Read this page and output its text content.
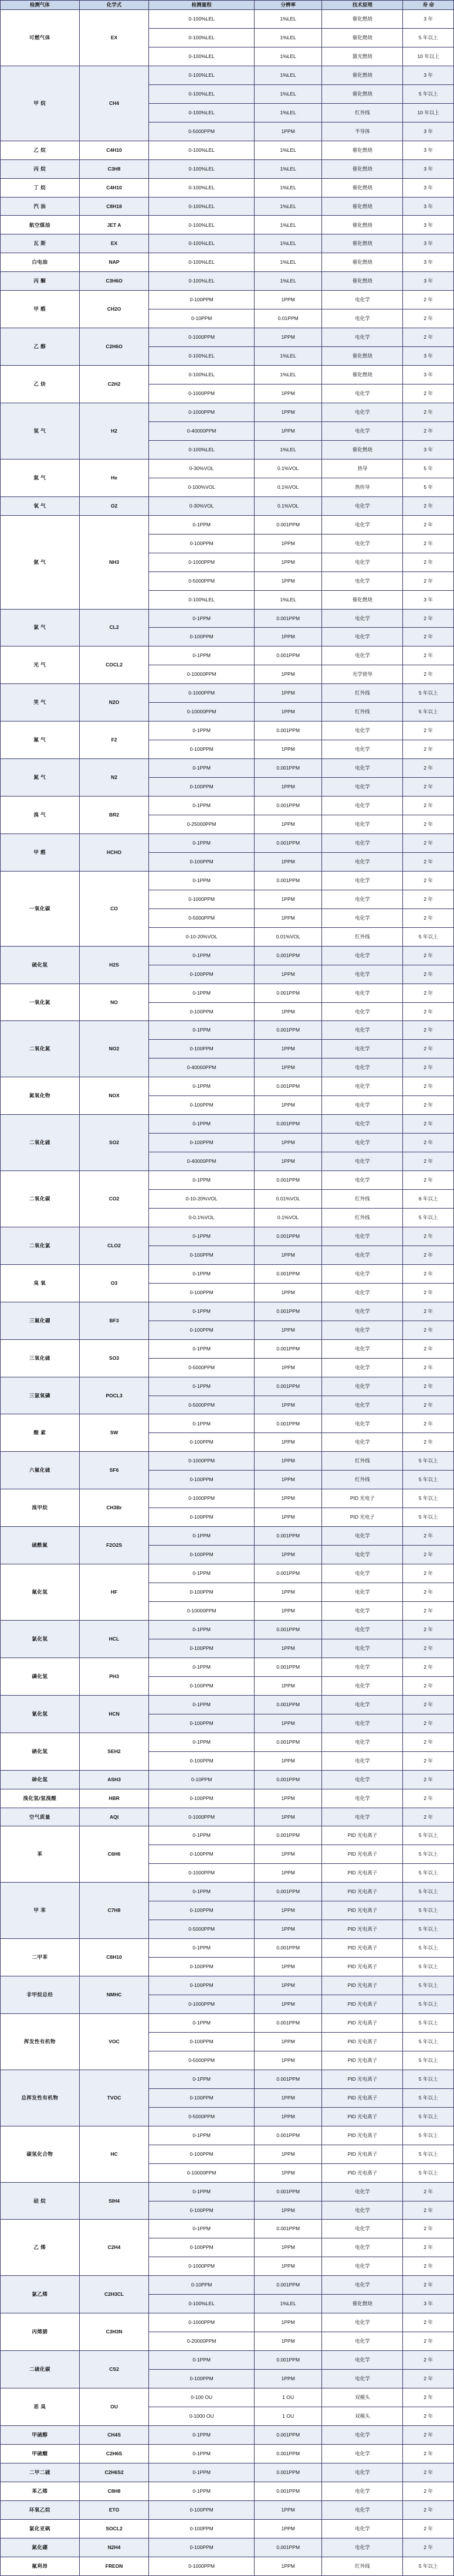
检测气体	化学式	检测量程	分辨率	技术原理	寿 命
可燃气体	EX	0-100%LEL	1%LEL	催化燃烧	3 年
		0-100%LEL	1%LEL	催化燃烧	5 年以上
		0-100%LEL	1%LEL	激光燃烧	10 年以上
甲 烷	CH4	0-100%LEL	1%LEL	催化燃烧	3 年
		0-100%LEL	1%LEL	催化燃烧	5 年以上
		0-100%LEL	1%LEL	红外线	10 年以上
		0-5000PPM	1PPM	半导体	3 年
乙 烷	C4H10	0-100%LEL	1%LEL	催化燃烧	3 年
丙 烷	C3H8	0-100%LEL	1%LEL	催化燃烧	3 年
丁 烷	C4H10	0-100%LEL	1%LEL	催化燃烧	3 年
汽 油	C8H18	0-100%LEL	1%LEL	催化燃烧	3 年
航空煤油	JET A	0-100%LEL	1%LEL	催化燃烧	3 年
瓦 斯	EX	0-100%LEL	1%LEL	催化燃烧	3 年
白电油	NAP	0-100%LEL	1%LEL	催化燃烧	3 年
丙 酮	C3H6O	0-100%LEL	1%LEL	催化燃烧	3 年
甲 醛	CH2O	0-100PPM	1PPM	电化学	2 年
		0-10PPM	0.01PPM	电化学	2 年
乙 醇	C2H6O	0-1000PPM	1PPM	电化学	2 年
		0-100%LEL	1%LEL	催化燃烧	3 年
乙 炔	C2H2	0-100%LEL	1%LEL	催化燃烧	3 年
		0-1000PPM	1PPM	电化学	2 年
氢 气	H2	0-1000PPM	1PPM	电化学	2 年
		0-40000PPM	1PPM	电化学	2 年
		0-100%LEL	1%LEL	催化燃烧	3 年
氦 气	He	0-30%VOL	0.1%VOL	热导	5 年
		0-100%VOL	0.1%VOL	热传导	5 年
氧 气	O2	0-30%VOL	0.1%VOL	电化学	2 年
氨 气	NH3	0-1PPM	0.001PPM	电化学	2 年
		0-100PPM	1PPM	电化学	2 年
		0-1000PPM	1PPM	电化学	2 年
		0-5000PPM	1PPM	电化学	2 年
		0-100%LEL	1%LEL	催化燃烧	3 年
氯 气	CL2	0-1PPM	0.001PPM	电化学	2 年
		0-100PPM	1PPM	电化学	2 年
光 气	COCL2	0-1PPM	0.001PPM	电化学	2 年
		0-10000PPM	1PPM	光学使导	2 年
笑 气	N2O	0-1000PPM	1PPM	红外线	5 年以上
		0-10000PPM	1PPM	红外线	5 年以上
氟 气	F2	0-1PPM	0.001PPM	电化学	2 年
		0-100PPM	1PPM	电化学	2 年
氮 气	N2	0-1PPM	0.001PPM	电化学	2 年
		0-100PPM	1PPM	电化学	2 年
溴 气	BR2	0-1PPM	0.001PPM	电化学	2 年
		0-25000PPM	1PPM	电化学	2 年
甲 醛	HCHO	0-1PPM	0.001PPM	电化学	2 年
		0-100PPM	1PPM	电化学	2 年
一氧化碳	CO	0-1PPM	0.001PPM	电化学	2 年
		0-1000PPM	1PPM	电化学	2 年
		0-5000PPM	1PPM	电化学	2 年
		0-10-20%VOL	0.01%VOL	红外线	5 年以上
硫化氢	H2S	0-1PPM	0.001PPM	电化学	2 年
		0-100PPM	1PPM	电化学	2 年
一氧化氮	NO	0-1PPM	0.001PPM	电化学	2 年
		0-100PPM	1PPM	电化学	2 年
二氧化氮	NO2	0-1PPM	0.001PPM	电化学	2 年
		0-100PPM	1PPM	电化学	2 年
		0-40000PPM	1PPM	电化学	2 年
氮氧化物	NOX	0-1PPM	0.001PPM	电化学	2 年
		0-100PPM	1PPM	电化学	2 年
二氧化硫	SO2	0-1PPM	0.001PPM	电化学	2 年
		0-100PPM	1PPM	电化学	2 年
		0-40000PPM	1PPM	电化学	2 年
二氧化碳	CO2	0-1PPM	0.001PPM	电化学	2 年
		0-10-20%VOL	0.01%VOL	红外线	6 年以上
		0-0.1%VOL	0.1%VOL	红外线	5 年以上
二氧化氯	CLO2	0-1PPM	0.001PPM	电化学	2 年
		0-100PPM	1PPM	电化学	2 年
臭 氧	O3	0-1PPM	0.001PPM	电化学	2 年
		0-100PPM	1PPM	电化学	2 年
三氟化硼	BF3	0-1PPM	0.001PPM	电化学	2 年
		0-100PPM	1PPM	电化学	2 年
三氧化硫	SO3	0-1PPM	0.001PPM	电化学	2 年
		0-5000PPM	1PPM	电化学	2 年
三氯氧磷	POCL3	0-1PPM	0.001PPM	电化学	2 年
		0-5000PPM	1PPM	电化学	2 年
酸 素	SW	0-1PPM	0.001PPM	电化学	2 年
		0-100PPM	1PPM	电化学	2 年
六氟化硫	SF6	0-1000PPM	1PPM	红外线	5 年以上
		0-100PPM	1PPM	红外线	5 年以上
溴甲烷	CH3Br	0-1000PPM	1PPM	PID 光电子	5 年以上
		0-100PPM	1PPM	PID 光电子	5 年以上
硫酰氟	F2O2S	0-1PPM	0.001PPM	电化学	2 年
		0-100PPM	1PPM	电化学	2 年
氟化氢	HF	0-1PPM	0.001PPM	电化学	2 年
		0-100PPM	1PPM	电化学	2 年
		0-10000PPM	1PPM	电化学	2 年
氯化氢	HCL	0-1PPM	0.001PPM	电化学	2 年
		0-100PPM	1PPM	电化学	2 年
磷化氢	PH3	0-1PPM	0.001PPM	电化学	2 年
		0-100PPM	1PPM	电化学	2 年
氰化氢	HCN	0-1PPM	0.001PPM	电化学	2 年
		0-100PPM	1PPM	电化学	2 年
硒化氢	SEH2	0-1PPM	0.001PPM	电化学	2 年
		0-100PPM	1PPM	电化学	2 年
砷化氢	ASH3	0-10PPM	0.001PPM	电化学	2 年
溴化氢/氢溴酸	HBR	0-100PPM	1PPM	电化学	2 年
空气质量	AQI	0-1000PPM	1PPM	电化学	2 年
苯	C6H6	0-1PPM	0.001PPM	PID 光电离子	5 年以上
		0-100PPM	1PPM	PID 光电离子	5 年以上
		0-1000PPM	1PPM	PID 光电离子	5 年以上
甲 苯	C7H8	0-1PPM	0.001PPM	PID 光电离子	5 年以上
		0-100PPM	1PPM	PID 光电离子	5 年以上
		0-5000PPM	1PPM	PID 光电离子	5 年以上
二甲苯	C8H10	0-1PPM	0.001PPM	PID 光电离子	5 年以上
		0-100PPM	1PPM	PID 光电离子	5 年以上
非甲烷总烃	NMHC	0-100PPM	1PPM	PID 光电离子	5 年以上
		0-1000PPM	1PPM	PID 光电离子	5 年以上
挥发性有机物	VOC	0-1PPM	0.001PPM	PID 光电离子	5 年以上
		0-100PPM	1PPM	PID 光电离子	5 年以上
		0-5000PPM	1PPM	PID 光电离子	5 年以上
总挥发性有机物	TVOC	0-1PPM	0.001PPM	PID 光电离子	5 年以上
		0-100PPM	1PPM	PID 光电离子	5 年以上
		0-5000PPM	1PPM	PID 光电离子	5 年以上
碳氢化合物	HC	0-1PPM	0.001PPM	PID 光电离子	5 年以上
		0-100PPM	1PPM	PID 光电离子	5 年以上
		0-10000PPM	1PPM	PID 光电离子	5 年以上
硅 烷	SIH4	0-1PPM	0.001PPM	电化学	2 年
		0-100PPM	1PPM	电化学	2 年
乙 烯	C2H4	0-1PPM	0.001PPM	电化学	2 年
		0-100PPM	1PPM	电化学	2 年
		0-1000PPM	1PPM	电化学	2 年
氯乙烯	C2H3CL	0-10PPM	0.001PPM	电化学	2 年
		0-100%LEL	1%LEL	催化燃烧	3 年
丙烯腈	C3H3N	0-1000PPM	1PPM	电化学	2 年
		0-20000PPM	1PPM	电化学	2 年
二硫化碳	CS2	0-1PPM	0.001PPM	电化学	2 年
		0-100PPM	1PPM	电化学	2 年
恶 臭	OU	0-100 OU	1 OU	双模头	2 年
		0-1000 OU	1 OU	双模头	2 年
甲硫醇	CH4S	0-1PPM	0.001PPM	电化学	2 年
甲硫醚	C2H6S	0-1PPM	0.001PPM	电化学	2 年
二甲二硫	C2H6S2	0-1PPM	0.001PPM	电化学	2 年
苯乙烯	C8H8	0-1PPM	0.001PPM	电化学	2 年
环氧乙烷	ETO	0-100PPM	1PPM	电化学	2 年
氯化亚砜	SOCL2	0-100PPM	1PPM	电化学	2 年
氮化硼	N2H4	0-100PPM	0.001PPM	电化学	2 年
氟利昂	FREON	0-1000PPM	1PPM	红外线	5 年以上
